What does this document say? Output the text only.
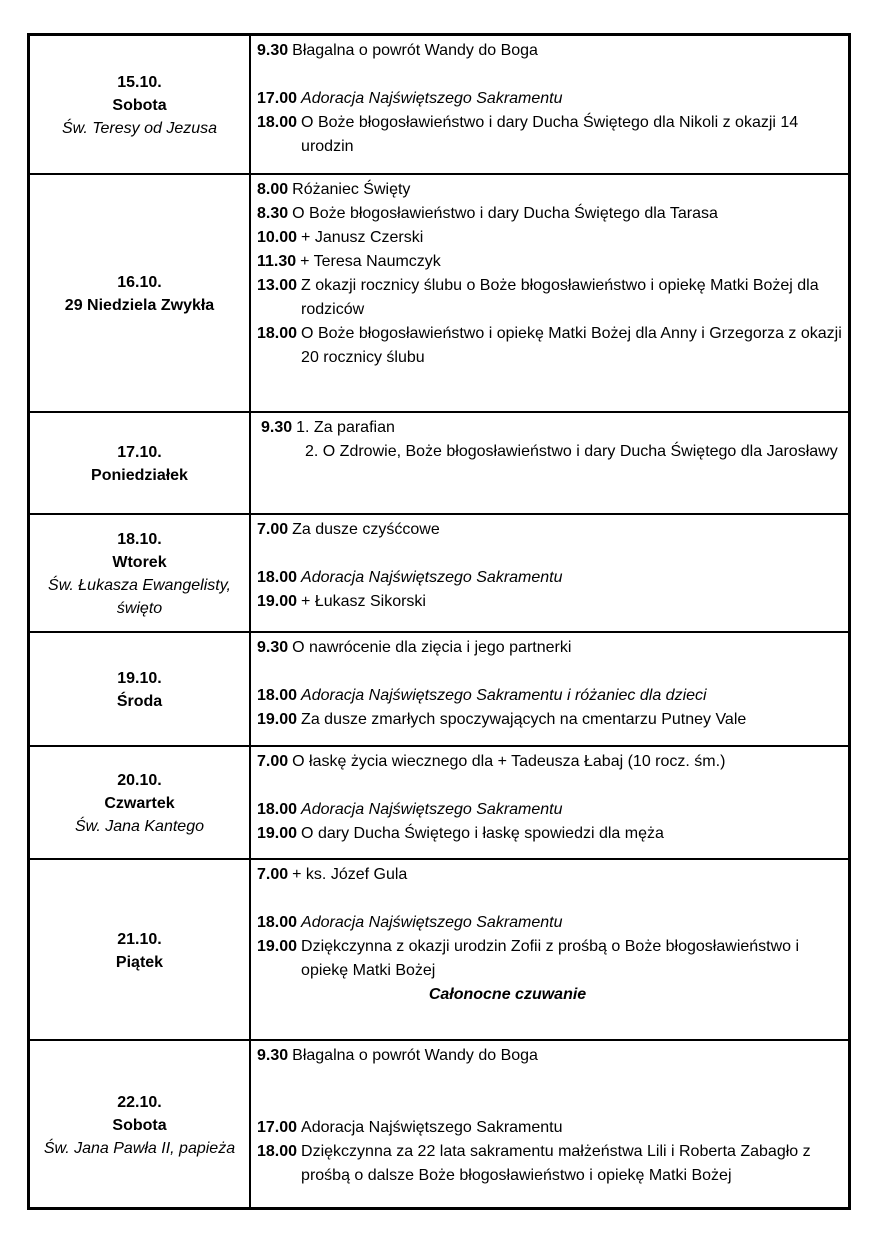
15.10.
Sobota
Św. Teresy od Jezusa
9.30 Błagalna o powrót Wandy do Boga
17.00 Adoracja Najświętszego Sakramentu
18.00 O Boże błogosławieństwo i dary Ducha Świętego dla Nikoli z okazji 14 urodzin
16.10.
29 Niedziela Zwykła
8.00 Różaniec Święty
8.30 O Boże błogosławieństwo i dary Ducha Świętego dla Tarasa
10.00 + Janusz Czerski
11.30 + Teresa Naumczyk
13.00 Z okazji rocznicy ślubu o Boże błogosławieństwo i opiekę Matki Bożej dla rodziców
18.00 O Boże błogosławieństwo i opiekę Matki Bożej dla Anny i Grzegorza z okazji 20 rocznicy ślubu
17.10.
Poniedziałek
9.30 1. Za parafian
2. O Zdrowie, Boże błogosławieństwo i dary Ducha Świętego dla Jarosławy
18.10.
Wtorek
Św. Łukasza Ewangelisty, święto
7.00 Za dusze czyśćcowe
18.00 Adoracja Najświętszego Sakramentu
19.00 + Łukasz Sikorski
19.10.
Środa
9.30 O nawrócenie dla zięcia i jego partnerki
18.00 Adoracja Najświętszego Sakramentu i różaniec dla dzieci
19.00 Za dusze zmarłych spoczywających na cmentarzu Putney Vale
20.10.
Czwartek
Św. Jana Kantego
7.00 O łaskę życia wiecznego dla + Tadeusza Łabaj (10 rocz. śm.)
18.00 Adoracja Najświętszego Sakramentu
19.00 O dary Ducha Świętego i łaskę spowiedzi dla męża
21.10.
Piątek
7.00 + ks. Józef Gula
18.00 Adoracja Najświętszego Sakramentu
19.00 Dziękczynna z okazji urodzin Zofii z prośbą o Boże błogosławieństwo i opiekę Matki Bożej
Całonocne czuwanie
22.10.
Sobota
Św. Jana Pawła II, papieża
9.30 Błagalna o powrót Wandy do Boga
17.00 Adoracja Najświętszego Sakramentu
18.00 Dziękczynna za 22 lata sakramentu małżeństwa Lili i Roberta Zabagło z prośbą o dalsze Boże błogosławieństwo i opiekę Matki Bożej
